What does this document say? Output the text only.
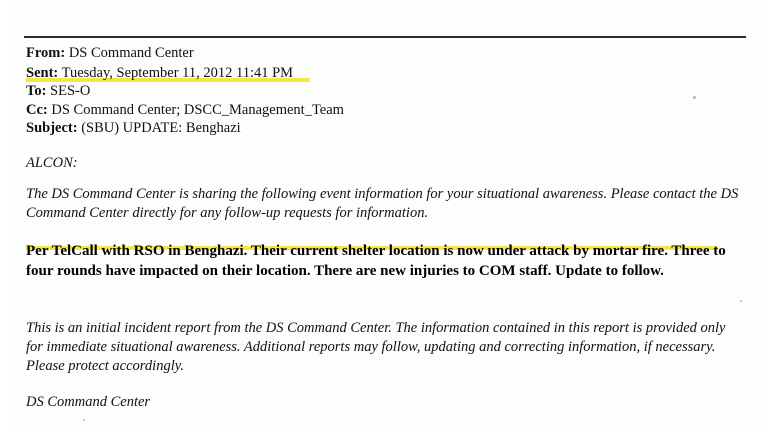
From: DS Command Center
Sent: Tuesday, September 11, 2012 11:41 PM
To: SES-O
Cc: DS Command Center; DSCC_Management_Team
Subject: (SBU) UPDATE: Benghazi
ALCON:
The DS Command Center is sharing the following event information for your situational awareness. Please contact the DS Command Center directly for any follow-up requests for information.
Per TelCall with RSO in Benghazi. Their current shelter location is now under attack by mortar fire. Three to four rounds have impacted on their location. There are new injuries to COM staff. Update to follow.
This is an initial incident report from the DS Command Center. The information contained in this report is provided only for immediate situational awareness. Additional reports may follow, updating and correcting information, if necessary. Please protect accordingly.
DS Command Center
